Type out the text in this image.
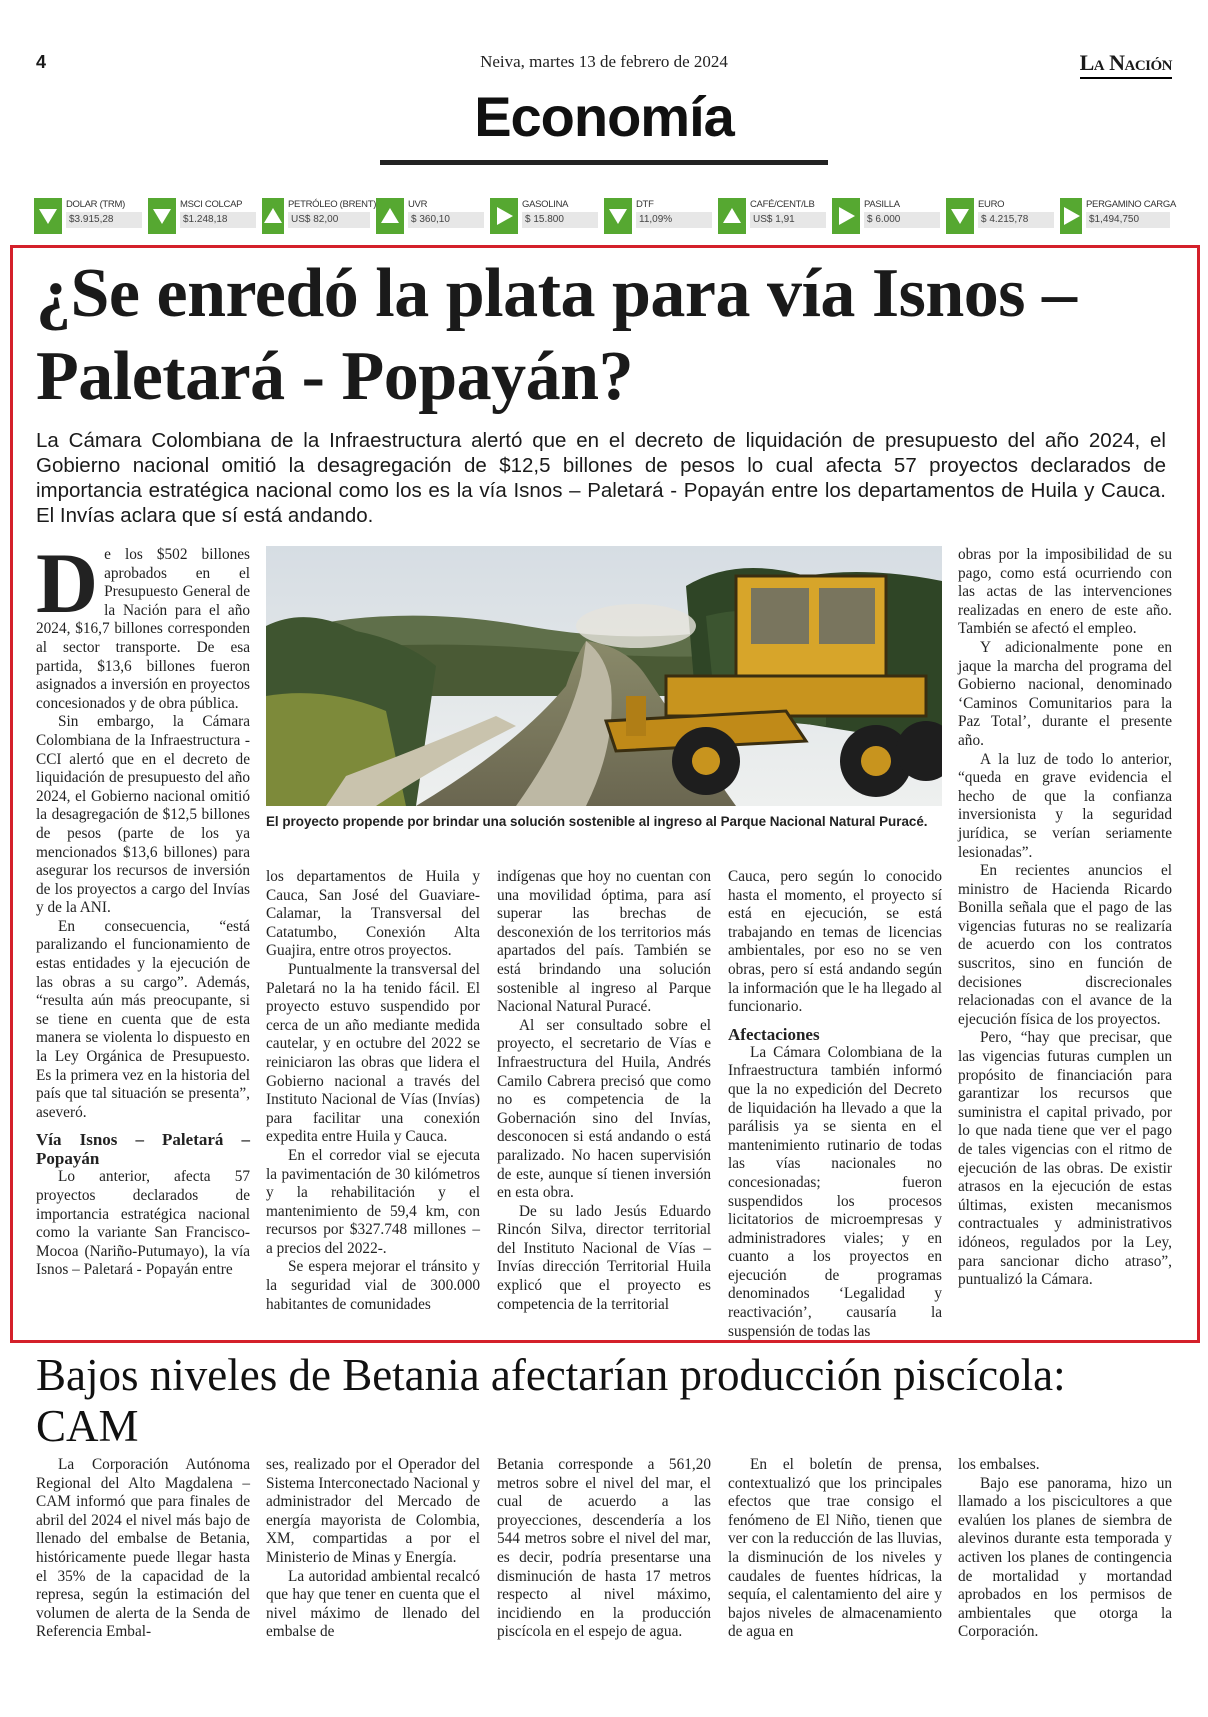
4	Neiva, martes 13 de febrero de 2024	La Nación
Economía
DOLAR (TRM)
$3.915,28
MSCI COLCAP
$1.248,18
PETRÓLEO (BRENT)
US$ 82,00
UVR
$ 360,10
GASOLINA
$ 15.800
DTF
11,09%
CAFÉ/CENT/LB
US$ 1,91
PASILLA
$ 6.000
EURO
$ 4.215,78
PERGAMINO CARGA
$1,494,750
¿Se enredó la plata para vía Isnos – Paletará - Popayán?
La Cámara Colombiana de la Infraestructura alertó que en el decreto de liquidación de presupuesto del año 2024, el Gobierno nacional omitió la desagregación de $12,5 billones de pesos lo cual afecta 57 proyectos declarados de importancia estratégica nacional como los es la vía Isnos – Paletará - Popayán entre los departamentos de Huila y Cauca. El Invías aclara que sí está andando.

De los $502 billones aprobados en el Presupuesto General de la Nación para el año 2024, $16,7 billones corresponden al sector transporte. De esa partida, $13,6 billones fueron asignados a inversión en proyectos concesionados y de obra pública.

Sin embargo, la Cámara Colombiana de la Infraestructura - CCI alertó que en el decreto de liquidación de presupuesto del año 2024, el Gobierno nacional omitió la desagregación de $12,5 billones de pesos (parte de los ya mencionados $13,6 billones) para asegurar los recursos de inversión de los proyectos a cargo del Invías y de la ANI.

En consecuencia, “está paralizando el funcionamiento de estas entidades y la ejecución de las obras a su cargo”. Además, “resulta aún más preocupante, si se tiene en cuenta que de esta manera se violenta lo dispuesto en la Ley Orgánica de Presupuesto. Es la primera vez en la historia del país que tal situación se presenta”, aseveró.

Vía Isnos – Paletará – Popayán

Lo anterior, afecta 57 proyectos declarados de importancia estratégica nacional como la variante San Francisco-Mocoa (Nariño-Putumayo), la vía Isnos – Paletará - Popayán entre

El proyecto propende por brindar una solución sostenible al ingreso al Parque Nacional Natural Puracé.

los departamentos de Huila y Cauca, San José del Guaviare-Calamar, la Transversal del Catatumbo, Conexión Alta Guajira, entre otros proyectos.

Puntualmente la transversal del Paletará no la ha tenido fácil. El proyecto estuvo suspendido por cerca de un año mediante medida cautelar, y en octubre del 2022 se reiniciaron las obras que lidera el Gobierno nacional a través del Instituto Nacional de Vías (Invías) para facilitar una conexión expedita entre Huila y Cauca.

En el corredor vial se ejecuta la pavimentación de 30 kilómetros y la rehabilitación y el mantenimiento de 59,4 km, con recursos por $327.748 millones – a precios del 2022-.

Se espera mejorar el tránsito y la seguridad vial de 300.000 habitantes de comunidades

indígenas que hoy no cuentan con una movilidad óptima, para así superar las brechas de desconexión de los territorios más apartados del país. También se está brindando una solución sostenible al ingreso al Parque Nacional Natural Puracé.

Al ser consultado sobre el proyecto, el secretario de Vías e Infraestructura del Huila, Andrés Camilo Cabrera precisó que como no es competencia de la Gobernación sino del Invías, desconocen si está andando o está paralizado. No hacen supervisión de este, aunque sí tienen inversión en esta obra.

De su lado Jesús Eduardo Rincón Silva, director territorial del Instituto Nacional de Vías – Invías dirección Territorial Huila explicó que el proyecto es competencia de la territorial

Cauca, pero según lo conocido hasta el momento, el proyecto sí está en ejecución, se está trabajando en temas de licencias ambientales, por eso no se ven obras, pero sí está andando según la información que le ha llegado al funcionario.

Afectaciones

La Cámara Colombiana de la Infraestructura también informó que la no expedición del Decreto de liquidación ha llevado a que la parálisis ya se sienta en el mantenimiento rutinario de todas las vías nacionales no concesionadas; fueron suspendidos los procesos licitatorios de microempresas y administradores viales; y en cuanto a los proyectos en ejecución de programas denominados ‘Legalidad y reactivación’, causaría la suspensión de todas las

obras por la imposibilidad de su pago, como está ocurriendo con las actas de las intervenciones realizadas en enero de este año. También se afectó el empleo.

Y adicionalmente pone en jaque la marcha del programa del Gobierno nacional, denominado ‘Caminos Comunitarios para la Paz Total’, durante el presente año.

A la luz de todo lo anterior, “queda en grave evidencia el hecho de que la confianza inversionista y la seguridad jurídica, se verían seriamente lesionadas”.

En recientes anuncios el ministro de Hacienda Ricardo Bonilla señala que el pago de las vigencias futuras no se realizaría de acuerdo con los contratos suscritos, sino en función de decisiones discrecionales relacionadas con el avance de la ejecución física de los proyectos.

Pero, “hay que precisar, que las vigencias futuras cumplen un propósito de financiación para garantizar los recursos que suministra el capital privado, por lo que nada tiene que ver el pago de tales vigencias con el ritmo de ejecución de las obras. De existir atrasos en la ejecución de estas últimas, existen mecanismos contractuales y administrativos idóneos, regulados por la Ley, para sancionar dicho atraso”, puntualizó la Cámara.

Bajos niveles de Betania afectarían producción piscícola: CAM

La Corporación Autónoma Regional del Alto Magdalena – CAM informó que para finales de abril del 2024 el nivel más bajo de llenado del embalse de Betania, históricamente puede llegar hasta el 35% de la capacidad de la represa, según la estimación del volumen de alerta de la Senda de Referencia Embal-

ses, realizado por el Operador del Sistema Interconectado Nacional y administrador del Mercado de energía mayorista de Colombia, XM, compartidas a por el Ministerio de Minas y Energía.

La autoridad ambiental recalcó que hay que tener en cuenta que el nivel máximo de llenado del embalse de

Betania corresponde a 561,20 metros sobre el nivel del mar, el cual de acuerdo a las proyecciones, descendería a los 544 metros sobre el nivel del mar, es decir, podría presentarse una disminución de hasta 17 metros respecto al nivel máximo, incidiendo en la producción piscícola en el espejo de agua.

En el boletín de prensa, contextualizó que los principales efectos que trae consigo el fenómeno de El Niño, tienen que ver con la reducción de las lluvias, la disminución de los niveles y caudales de fuentes hídricas, la sequía, el calentamiento del aire y bajos niveles de almacenamiento de agua en

los embalses.

Bajo ese panorama, hizo un llamado a los piscicultores a que evalúen los planes de siembra de alevinos durante esta temporada y activen los planes de contingencia de mortalidad y mortandad aprobados en los permisos de ambientales que otorga la Corporación.
